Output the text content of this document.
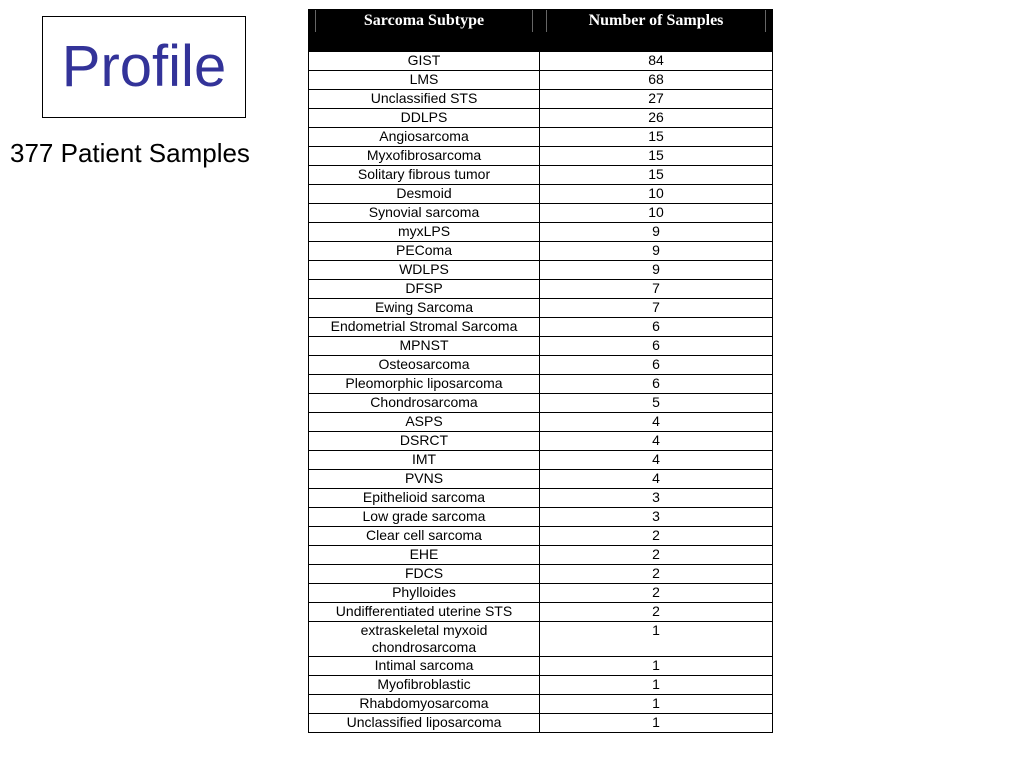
Profile
377 Patient Samples
Sarcoma Subtype	Number of Samples

GIST	84
LMS	68
Unclassified STS	27
DDLPS	26
Angiosarcoma	15
Myxofibrosarcoma	15
Solitary fibrous tumor	15
Desmoid	10
Synovial sarcoma	10
myxLPS	9
PEComa	9
WDLPS	9
DFSP	7
Ewing Sarcoma	7
Endometrial Stromal Sarcoma	6
MPNST	6
Osteosarcoma	6
Pleomorphic liposarcoma	6
Chondrosarcoma	5
ASPS	4
DSRCT	4
IMT	4
PVNS	4
Epithelioid sarcoma	3
Low grade sarcoma	3
Clear cell sarcoma	2
EHE	2
FDCS	2
Phylloides	2
Undifferentiated uterine STS	2
extraskeletal myxoid chondrosarcoma	1
Intimal sarcoma	1
Myofibroblastic	1
Rhabdomyosarcoma	1
Unclassified liposarcoma	1
